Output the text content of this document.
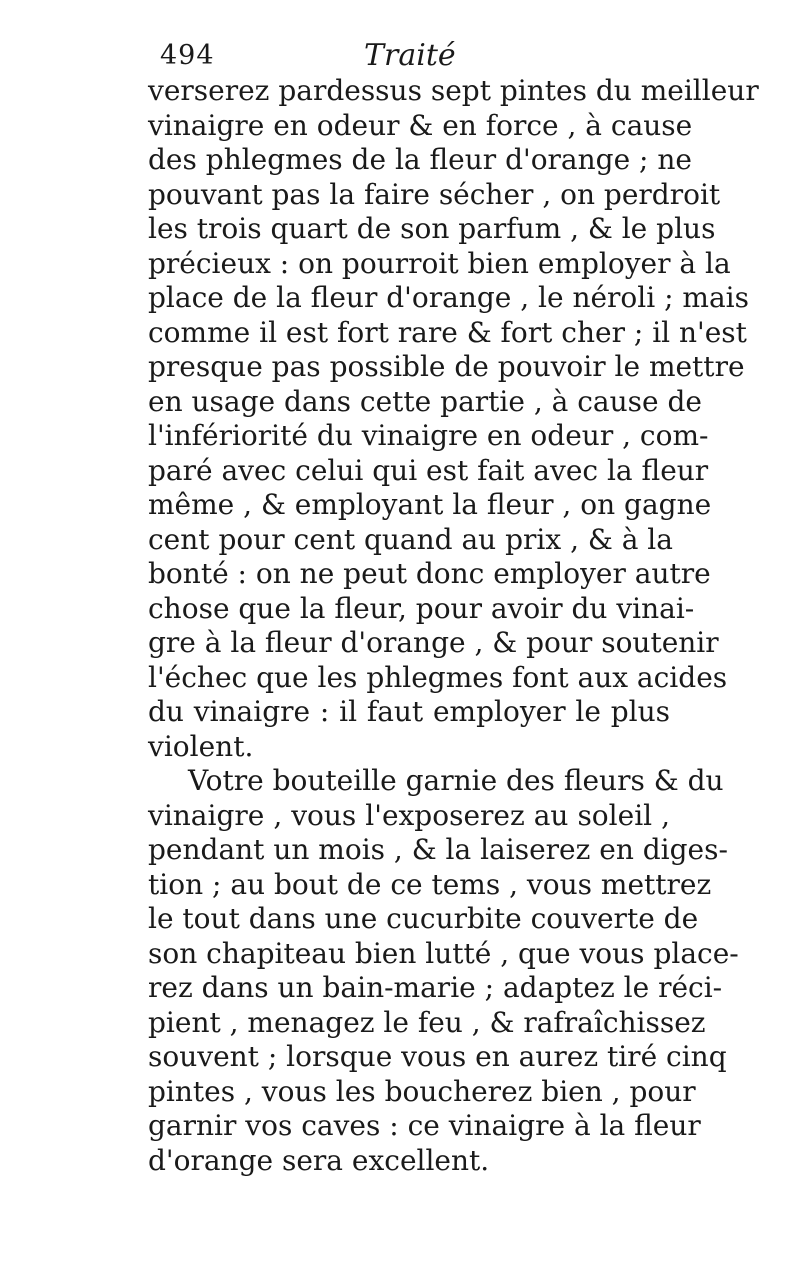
494	Traité
verserez pardessus sept pintes du meilleur
vinaigre en odeur & en force , à cause
des phlegmes de la fleur d'orange ; ne
pouvant pas la faire sécher , on perdroit
les trois quart de son parfum , & le plus
précieux : on pourroit bien employer à la
place de la fleur d'orange , le néroli ; mais
comme il est fort rare & fort cher ; il n'est
presque pas possible de pouvoir le mettre
en usage dans cette partie , à cause de
l'infériorité du vinaigre en odeur , com-
paré avec celui qui est fait avec la fleur
même , & employant la fleur , on gagne
cent pour cent quand au prix , & à la
bonté : on ne peut donc employer autre
chose que la fleur, pour avoir du vinai-
gre à la fleur d'orange , & pour soutenir
l'échec que les phlegmes font aux acides
du vinaigre : il faut employer le plus
violent.
Votre bouteille garnie des fleurs & du
vinaigre , vous l'exposerez au soleil ,
pendant un mois , & la laiserez en diges-
tion ; au bout de ce tems , vous mettrez
le tout dans une cucurbite couverte de
son chapiteau bien lutté , que vous place-
rez dans un bain-marie ; adaptez le réci-
pient , menagez le feu , & rafraîchissez
souvent ; lorsque vous en aurez tiré cinq
pintes , vous les boucherez bien , pour
garnir vos caves : ce vinaigre à la fleur
d'orange sera excellent.
